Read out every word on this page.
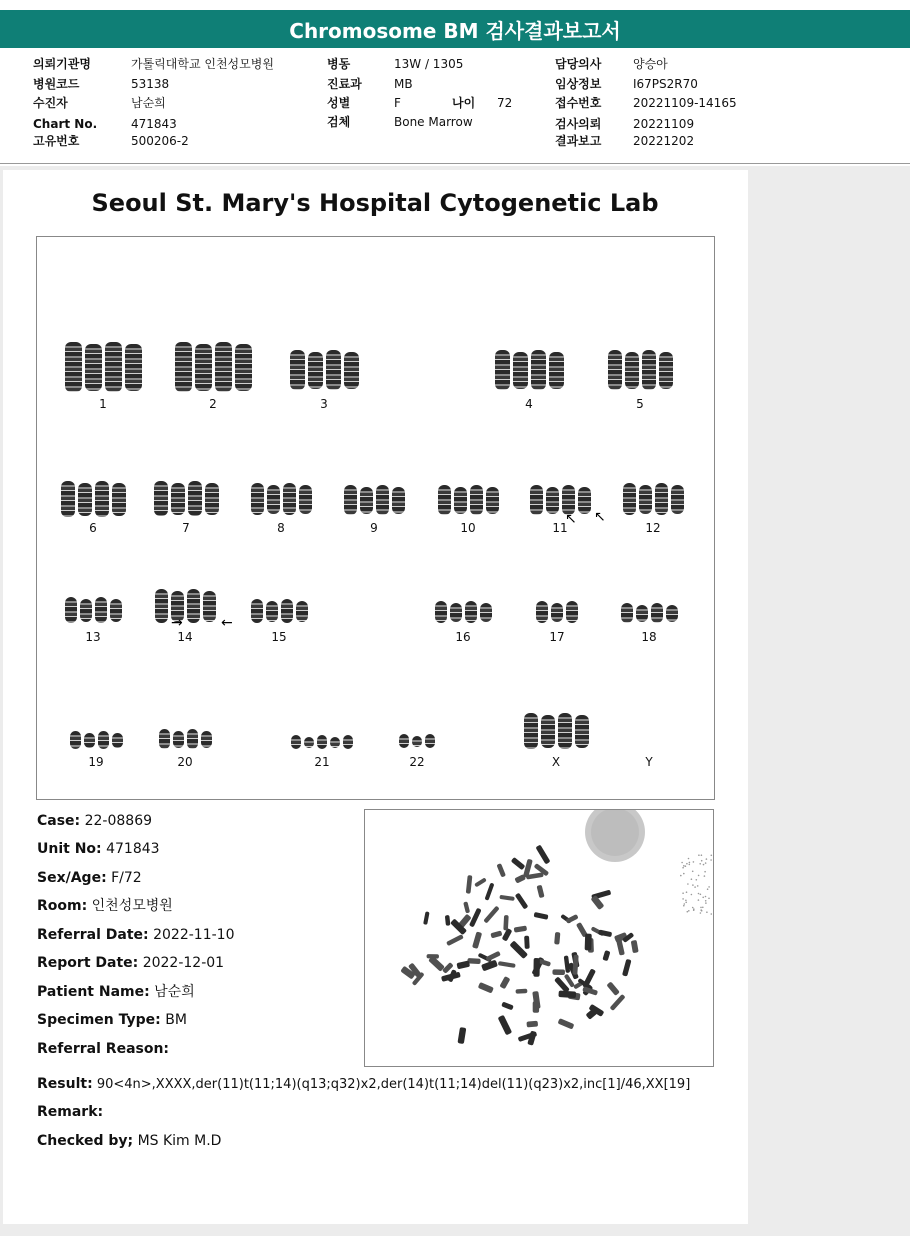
Chromosome BM 검사결과보고서
의뢰기관명	가톨릭대학교 인천성모병원
병원코드	53138
수진자	남순희
Chart No.	471843
고유번호	500206-2
병동	13W / 1305
진료과	MB
성별	F	나이 72
검체	Bone Marrow
담당의사	양승아
임상정보	I67PS2R70
접수번호	20221109-14165
검사의뢰	20221109
결과보고	20221202
Seoul St. Mary's Hospital Cytogenetic Lab
1	2	3	4	5
6	7	8	9	10	11	12
13	14	15	16	17	18
19	20	21	22	X	Y
↖ ↖
→	←
Case: 22-08869
Unit No: 471843
Sex/Age: F/72
Room: 인천성모병원
Referral Date: 2022-11-10
Report Date: 2022-12-01
Patient Name: 남순희
Specimen Type: BM
Referral Reason:
Result: 90<4n>,XXXX,der(11)t(11;14)(q13;q32)x2,der(14)t(11;14)del(11)(q23)x2,inc[1]/46,XX[19]
Remark:
Checked by; MS Kim M.D
